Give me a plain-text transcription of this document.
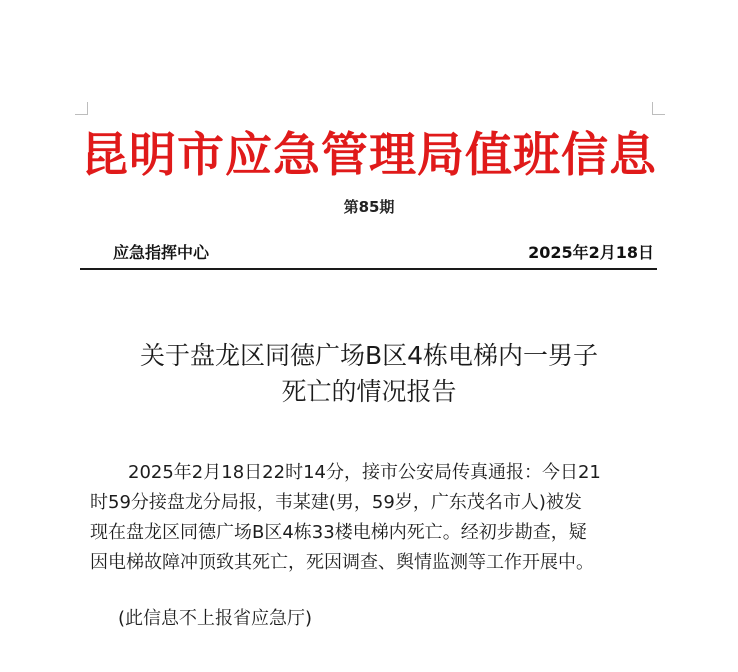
昆明市应急管理局值班信息
第85期
应急指挥中心	2025年2月18日
关于盘龙区同德广场B区4栋电梯内一男子
死亡的情况报告
2025年2月18日22时14分，接市公安局传真通报：今日21
时59分接盘龙分局报，韦某建(男，59岁，广东茂名市人)被发
现在盘龙区同德广场B区4栋33楼电梯内死亡。经初步勘查，疑
因电梯故障冲顶致其死亡，死因调查、舆情监测等工作开展中。
(此信息不上报省应急厅)
